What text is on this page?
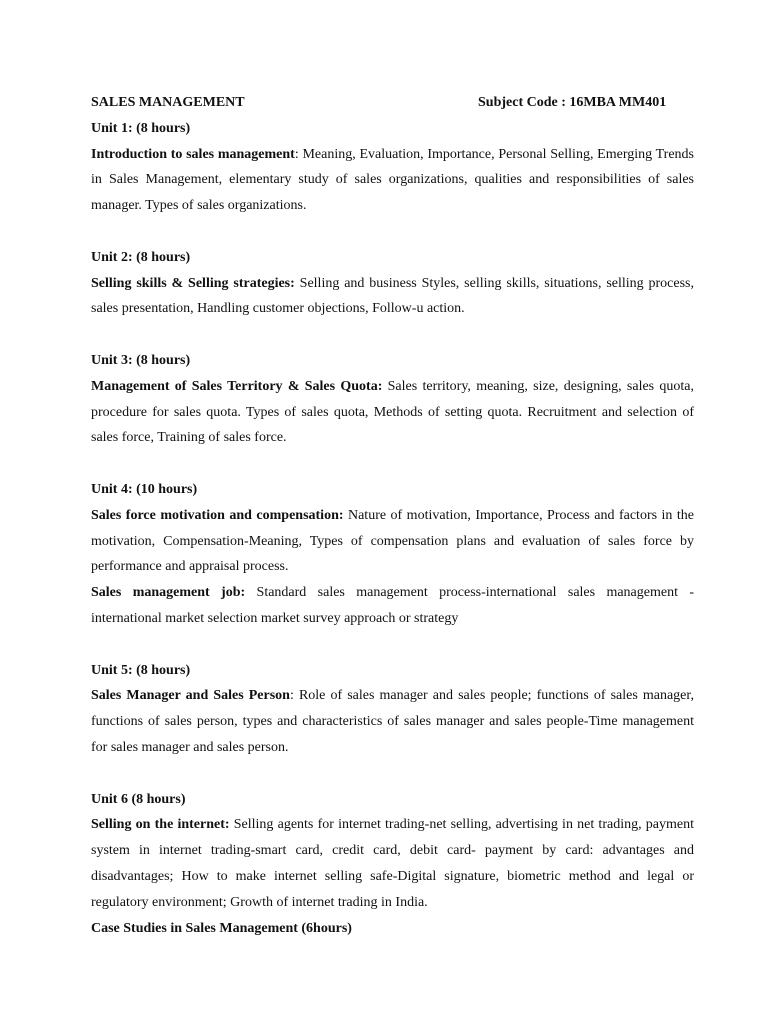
SALES MANAGEMENT	Subject Code : 16MBA MM401
Unit 1: (8 hours)
Introduction to sales management: Meaning, Evaluation, Importance, Personal Selling, Emerging Trends in Sales Management, elementary study of sales organizations, qualities and responsibilities of sales manager. Types of sales organizations.
Unit 2: (8 hours)
Selling skills & Selling strategies: Selling and business Styles, selling skills, situations, selling process, sales presentation, Handling customer objections, Follow-u action.
Unit 3: (8 hours)
Management of Sales Territory & Sales Quota: Sales territory, meaning, size, designing, sales quota, procedure for sales quota. Types of sales quota, Methods of setting quota. Recruitment and selection of sales force, Training of sales force.
Unit 4: (10 hours)
Sales force motivation and compensation: Nature of motivation, Importance, Process and factors in the motivation, Compensation-Meaning, Types of compensation plans and evaluation of sales force by performance and appraisal process.
Sales management job: Standard sales management process-international sales management - international market selection market survey approach or strategy
Unit 5: (8 hours)
Sales Manager and Sales Person: Role of sales manager and sales people; functions of sales manager, functions of sales person, types and characteristics of sales manager and sales people-Time management for sales manager and sales person.
Unit 6 (8 hours)
Selling on the internet: Selling agents for internet trading-net selling, advertising in net trading, payment system in internet trading-smart card, credit card, debit card- payment by card: advantages and disadvantages; How to make internet selling safe-Digital signature, biometric method and legal or regulatory environment; Growth of internet trading in India.
Case Studies in Sales Management (6hours)
